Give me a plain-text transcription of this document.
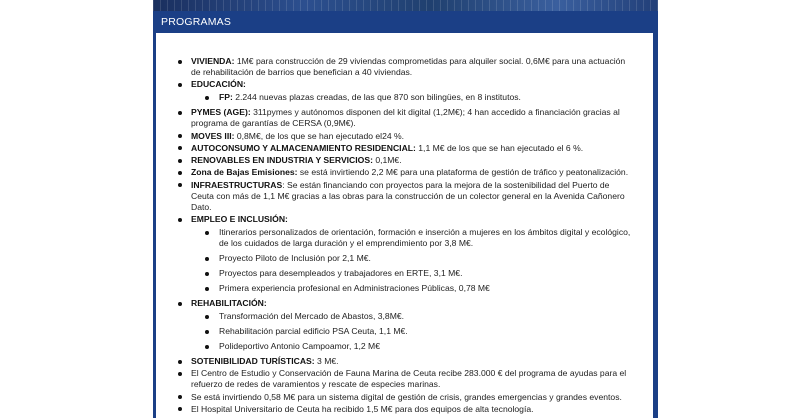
PROGRAMAS
VIVIENDA: 1M€ para construcción de 29 viviendas comprometidas para alquiler social. 0,6M€ para una actuación de rehabilitación de barrios que benefician a 40 viviendas.
EDUCACIÓN:
FP: 2.244 nuevas plazas creadas, de las que 870 son bilingües, en 8 institutos.
PYMES (AGE): 311pymes y autónomos disponen del kit digital (1,2M€); 4 han accedido a financiación gracias al programa de garantías de CERSA (0,9M€).
MOVES III: 0,8M€, de los que se han ejecutado el24 %.
AUTOCONSUMO Y ALMACENAMIENTO RESIDENCIAL: 1,1 M€ de los que se han ejecutado el 6 %.
RENOVABLES EN INDUSTRIA Y SERVICIOS: 0,1M€.
Zona de Bajas Emisiones: se está invirtiendo 2,2 M€ para una plataforma de gestión de tráfico y peatonalización.
INFRAESTRUCTURAS: Se están financiando con proyectos para la mejora de la sostenibilidad del Puerto de Ceuta con más de 1,1 M€ gracias a las obras para la construcción de un colector general en la Avenida Cañonero Dato.
EMPLEO E INCLUSIÓN:
Itinerarios personalizados de orientación, formación e inserción a mujeres en los ámbitos digital y ecológico, de los cuidados de larga duración y el emprendimiento por 3,8 M€.
Proyecto Piloto de Inclusión por 2,1 M€.
Proyectos para desempleados y trabajadores en ERTE, 3,1 M€.
Primera experiencia profesional en Administraciones Públicas, 0,78 M€
REHABILITACIÓN:
Transformación del Mercado de Abastos, 3,8M€.
Rehabilitación parcial edificio PSA Ceuta, 1,1 M€.
Polideportivo Antonio Campoamor, 1,2 M€
SOTENIBILIDAD TURÍSTICAS: 3 M€.
El Centro de Estudio y Conservación de Fauna Marina de Ceuta recibe 283.000 € del programa de ayudas para el refuerzo de redes de varamientos y rescate de especies marinas.
Se está invirtiendo 0,58 M€ para un sistema digital de gestión de crisis, grandes emergencias y grandes eventos.
El Hospital Universitario de Ceuta ha recibido 1,5 M€ para dos equipos de alta tecnología.
